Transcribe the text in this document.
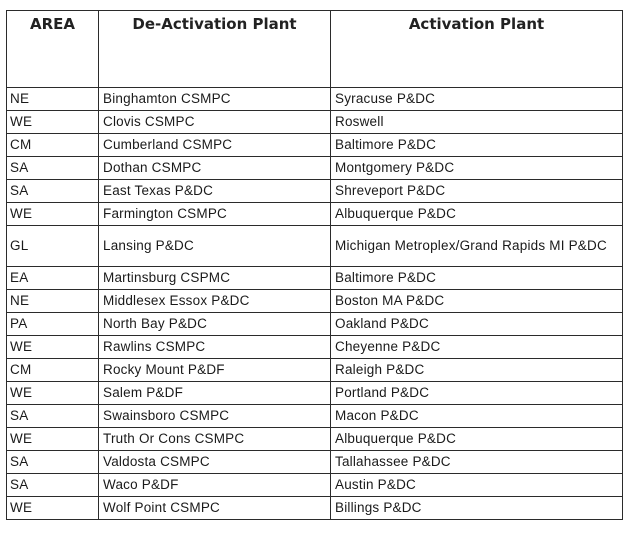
AREA	De-Activation Plant	Activation Plant
NE	Binghamton CSMPC	Syracuse P&DC
WE	Clovis CSMPC	Roswell
CM	Cumberland CSMPC	Baltimore P&DC
SA	Dothan CSMPC	Montgomery P&DC
SA	East Texas P&DC	Shreveport P&DC
WE	Farmington CSMPC	Albuquerque P&DC
GL	Lansing P&DC	Michigan Metroplex/Grand Rapids MI P&DC
EA	Martinsburg CSPMC	Baltimore P&DC
NE	Middlesex Essox P&DC	Boston MA P&DC
PA	North Bay P&DC	Oakland P&DC
WE	Rawlins CSMPC	Cheyenne P&DC
CM	Rocky Mount P&DF	Raleigh P&DC
WE	Salem P&DF	Portland P&DC
SA	Swainsboro CSMPC	Macon P&DC
WE	Truth Or Cons CSMPC	Albuquerque P&DC
SA	Valdosta CSMPC	Tallahassee P&DC
SA	Waco P&DF	Austin P&DC
WE	Wolf Point CSMPC	Billings P&DC
